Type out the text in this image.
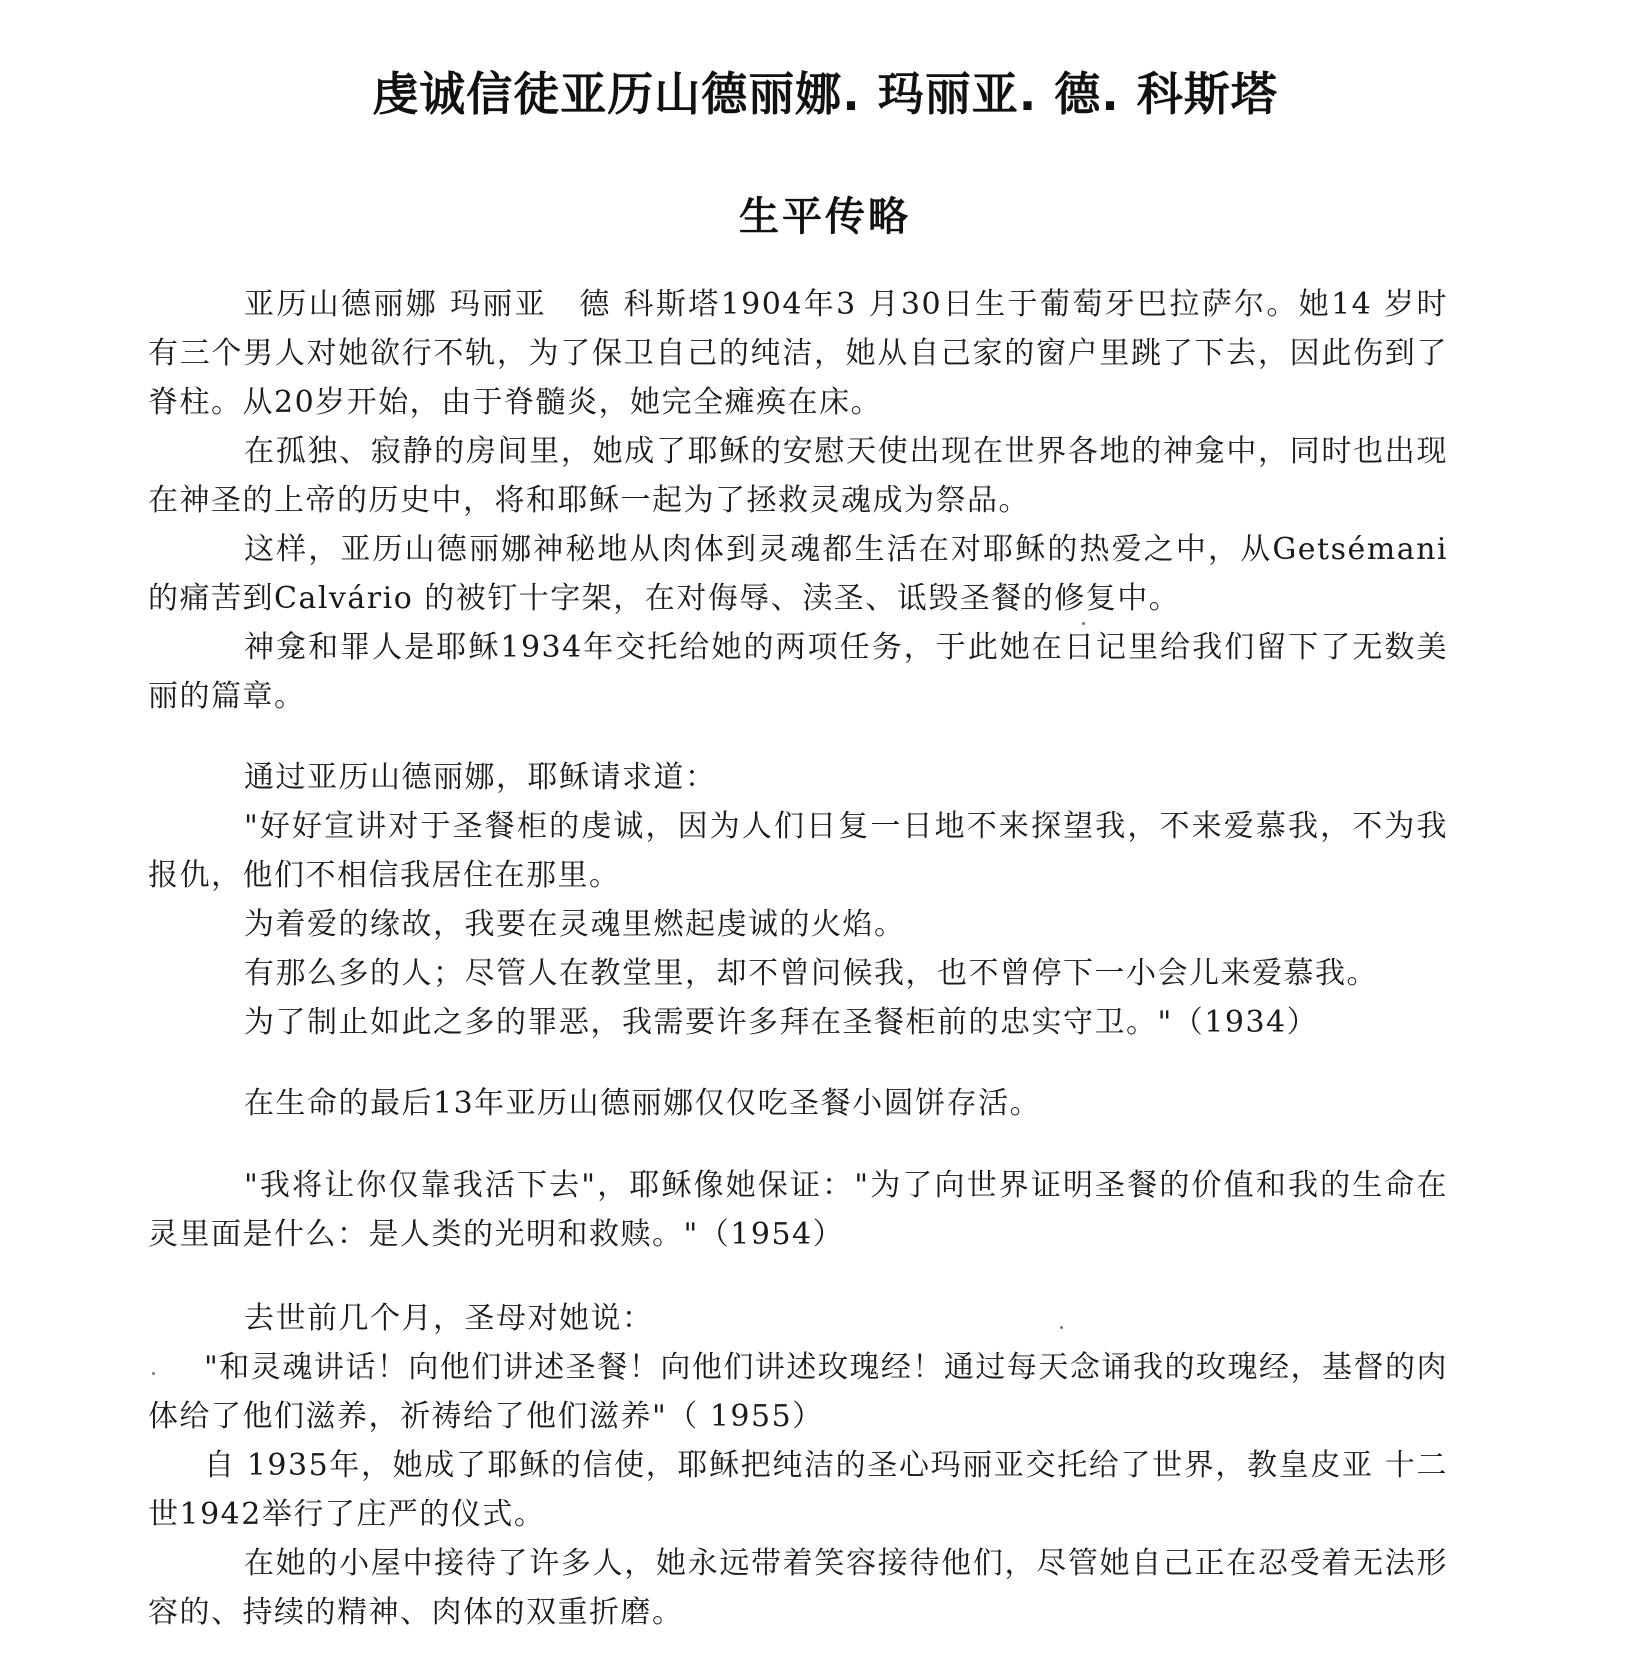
虔诚信徒亚历山德丽娜. 玛丽亚. 德. 科斯塔
生平传略

亚历山德丽娜 玛丽亚　德 科斯塔1904年3 月30日生于葡萄牙巴拉萨尔。她14 岁时有三个男人对她欲行不轨，为了保卫自己的纯洁，她从自己家的窗户里跳了下去，因此伤到了脊柱。从20岁开始，由于脊髓炎，她完全瘫痪在床。

在孤独、寂静的房间里，她成了耶稣的安慰天使出现在世界各地的神龛中，同时也出现在神圣的上帝的历史中，将和耶稣一起为了拯救灵魂成为祭品。

这样，亚历山德丽娜神秘地从肉体到灵魂都生活在对耶稣的热爱之中，从Getsémani的痛苦到Calvário 的被钉十字架，在对侮辱、渎圣、诋毁圣餐的修复中。

神龛和罪人是耶稣1934年交托给她的两项任务，于此她在日记里给我们留下了无数美丽的篇章。

通过亚历山德丽娜，耶稣请求道：

"好好宣讲对于圣餐柜的虔诚，因为人们日复一日地不来探望我，不来爱慕我，不为我报仇，他们不相信我居住在那里。

为着爱的缘故，我要在灵魂里燃起虔诚的火焰。

有那么多的人；尽管人在教堂里，却不曾问候我，也不曾停下一小会儿来爱慕我。

为了制止如此之多的罪恶，我需要许多拜在圣餐柜前的忠实守卫。"（1934）

在生命的最后13年亚历山德丽娜仅仅吃圣餐小圆饼存活。

"我将让你仅靠我活下去"，耶稣像她保证："为了向世界证明圣餐的价值和我的生命在灵里面是什么：是人类的光明和救赎。"（1954）

去世前几个月，圣母对她说：

"和灵魂讲话！向他们讲述圣餐！向他们讲述玫瑰经！通过每天念诵我的玫瑰经，基督的肉体给了他们滋养，祈祷给了他们滋养"（ 1955）

自 1935年，她成了耶稣的信使，耶稣把纯洁的圣心玛丽亚交托给了世界，教皇皮亚 十二世1942举行了庄严的仪式。

在她的小屋中接待了许多人，她永远带着笑容接待他们，尽管她自己正在忍受着无法形容的、持续的精神、肉体的双重折磨。
